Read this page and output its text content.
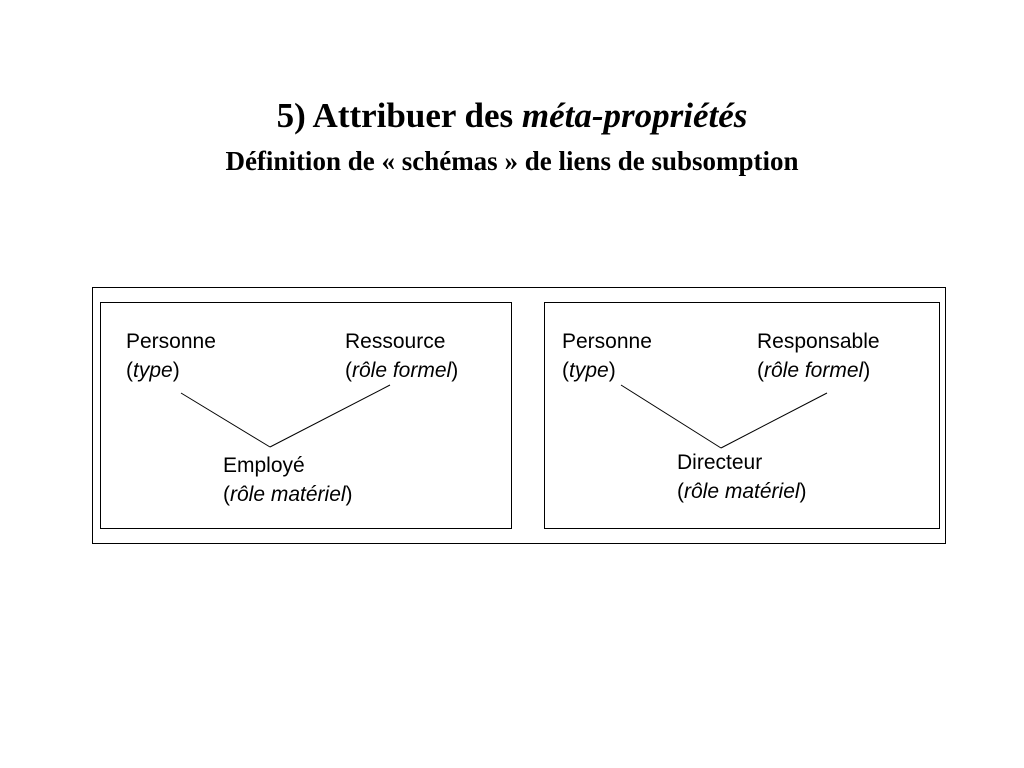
5) Attribuer des méta-propriétés
Définition de « schémas » de liens de subsomption
Personne
(type)
Ressource
(rôle formel)
Employé
(rôle matériel)
Personne
(type)
Responsable
(rôle formel)
Directeur
(rôle matériel)
